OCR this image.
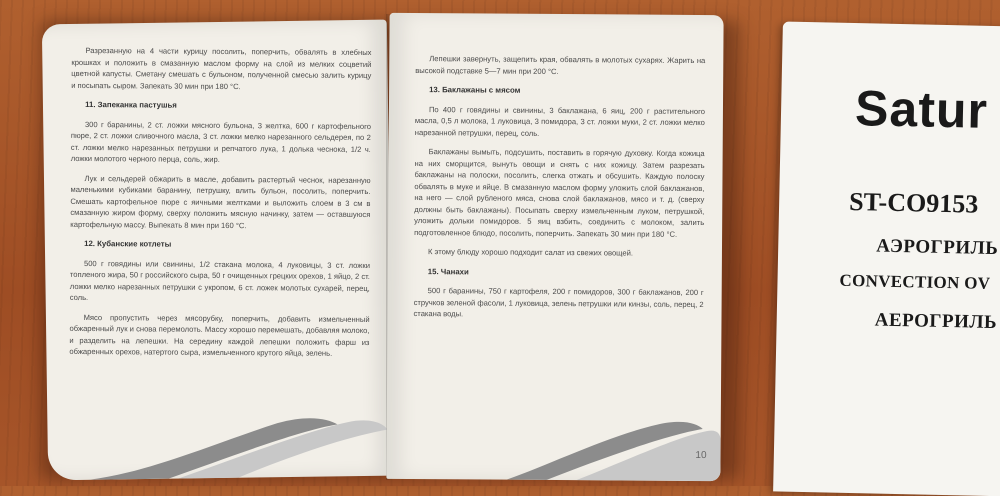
Разрезанную на 4 части курицу посолить, поперчить, обвалять в хлебных крошках и положить в смазанную маслом форму на слой из мелких соцветий цветной капусты. Сметану смешать с бульоном, полученной смесью залить курицу и посыпать сыром. Запекать 30 мин при 180 °С.

11. Запеканка пастушья

300 г баранины, 2 ст. ложки мясного бульона, 3 желтка, 600 г картофельного пюре, 2 ст. ложки сливочного масла, 3 ст. ложки мелко нарезанного сельдерея, по 2 ст. ложки мелко нарезанных петрушки и репчатого лука, 1 долька чеснока, 1/2 ч. ложки молотого черного перца, соль, жир.

Лук и сельдерей обжарить в масле, добавить растертый чеснок, нарезанную маленькими кубиками баранину, петрушку, влить бульон, посолить, поперчить. Смешать картофельное пюре с яичными желтками и выложить слоем в 3 см в смазанную жиром форму, сверху положить мясную начинку, затем — оставшуюся картофельную массу. Выпекать 8 мин при 160 °С.

12. Кубанские котлеты

500 г говядины или свинины, 1/2 стакана молока, 4 луковицы, 3 ст. ложки топленого жира, 50 г российского сыра, 50 г очищенных грецких орехов, 1 яйцо, 2 ст. ложки мелко нарезанных петрушки с укропом, 6 ст. ложек молотых сухарей, перец, соль.

Мясо пропустить через мясорубку, поперчить, добавить измельченный обжаренный лук и снова перемолоть. Массу хорошо перемешать, добавляя молоко, и разделить на лепешки. На середину каждой лепешки положить фарш из обжаренных орехов, натертого сыра, измельченного крутого яйца, зелень.

Лепешки завернуть, защепить края, обвалять в молотых сухарях. Жарить на высокой подставке 5—7 мин при 200 °С.

13. Баклажаны с мясом

По 400 г говядины и свинины, 3 баклажана, 6 яиц, 200 г растительного масла, 0,5 л молока, 1 луковица, 3 помидора, 3 ст. ложки муки, 2 ст. ложки мелко нарезанной петрушки, перец, соль.

Баклажаны вымыть, подсушить, поставить в горячую духовку. Когда кожица на них сморщится, вынуть овощи и снять с них кожицу. Затем разрезать баклажаны на полоски, посолить, слегка отжать и обсушить. Каждую полоску обвалять в муке и яйце. В смазанную маслом форму уложить слой баклажанов, на него — слой рубленого мяса, снова слой баклажанов, мясо и т. д. (сверху должны быть баклажаны). Посыпать сверху измельченным луком, петрушкой, уложить дольки помидоров. 5 яиц взбить, соединить с молоком, залить подготовленное блюдо, посолить, поперчить. Запекать 30 мин при 180 °С.

К этому блюду хорошо подходит салат из свежих овощей.

15. Чанахи

500 г баранины, 750 г картофеля, 200 г помидоров, 300 г баклажанов, 200 г стручков зеленой фасоли, 1 луковица, зелень петрушки или кинзы, соль, перец, 2 стакана воды.

10
Satur
ST-CO9153
АЭРОГРИЛЬ
CONVECTION OV
АЕРОГРИЛЬ
